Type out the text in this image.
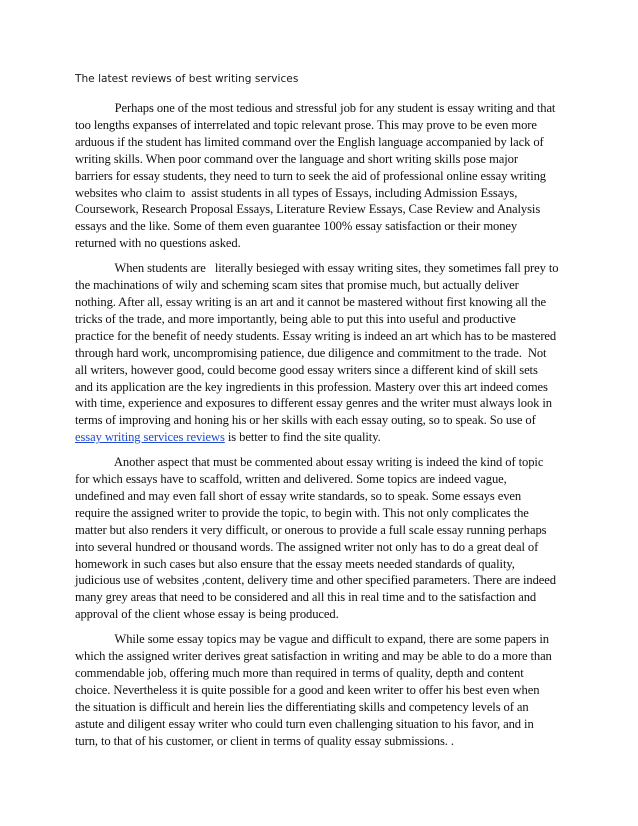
The latest reviews of best writing services

Perhaps one of the most tedious and stressful job for any student is essay writing and that
too lengths expanses of interrelated and topic relevant prose. This may prove to be even more
arduous if the student has limited command over the English language accompanied by lack of
writing skills. When poor command over the language and short writing skills pose major
barriers for essay students, they need to turn to seek the aid of professional online essay writing
websites who claim to  assist students in all types of Essays, including Admission Essays,
Coursework, Research Proposal Essays, Literature Review Essays, Case Review and Analysis
essays and the like. Some of them even guarantee 100% essay satisfaction or their money
returned with no questions asked.

When students are   literally besieged with essay writing sites, they sometimes fall prey to
the machinations of wily and scheming scam sites that promise much, but actually deliver
nothing. After all, essay writing is an art and it cannot be mastered without first knowing all the
tricks of the trade, and more importantly, being able to put this into useful and productive
practice for the benefit of needy students. Essay writing is indeed an art which has to be mastered
through hard work, uncompromising patience, due diligence and commitment to the trade.  Not
all writers, however good, could become good essay writers since a different kind of skill sets
and its application are the key ingredients in this profession. Mastery over this art indeed comes
with time, experience and exposures to different essay genres and the writer must always look in
terms of improving and honing his or her skills with each essay outing, so to speak. So use of
essay writing services reviews is better to find the site quality.

Another aspect that must be commented about essay writing is indeed the kind of topic
for which essays have to scaffold, written and delivered. Some topics are indeed vague,
undefined and may even fall short of essay write standards, so to speak. Some essays even
require the assigned writer to provide the topic, to begin with. This not only complicates the
matter but also renders it very difficult, or onerous to provide a full scale essay running perhaps
into several hundred or thousand words. The assigned writer not only has to do a great deal of
homework in such cases but also ensure that the essay meets needed standards of quality,
judicious use of websites ,content, delivery time and other specified parameters. There are indeed
many grey areas that need to be considered and all this in real time and to the satisfaction and
approval of the client whose essay is being produced.

While some essay topics may be vague and difficult to expand, there are some papers in
which the assigned writer derives great satisfaction in writing and may be able to do a more than
commendable job, offering much more than required in terms of quality, depth and content
choice. Nevertheless it is quite possible for a good and keen writer to offer his best even when
the situation is difficult and herein lies the differentiating skills and competency levels of an
astute and diligent essay writer who could turn even challenging situation to his favor, and in
turn, to that of his customer, or client in terms of quality essay submissions. .
